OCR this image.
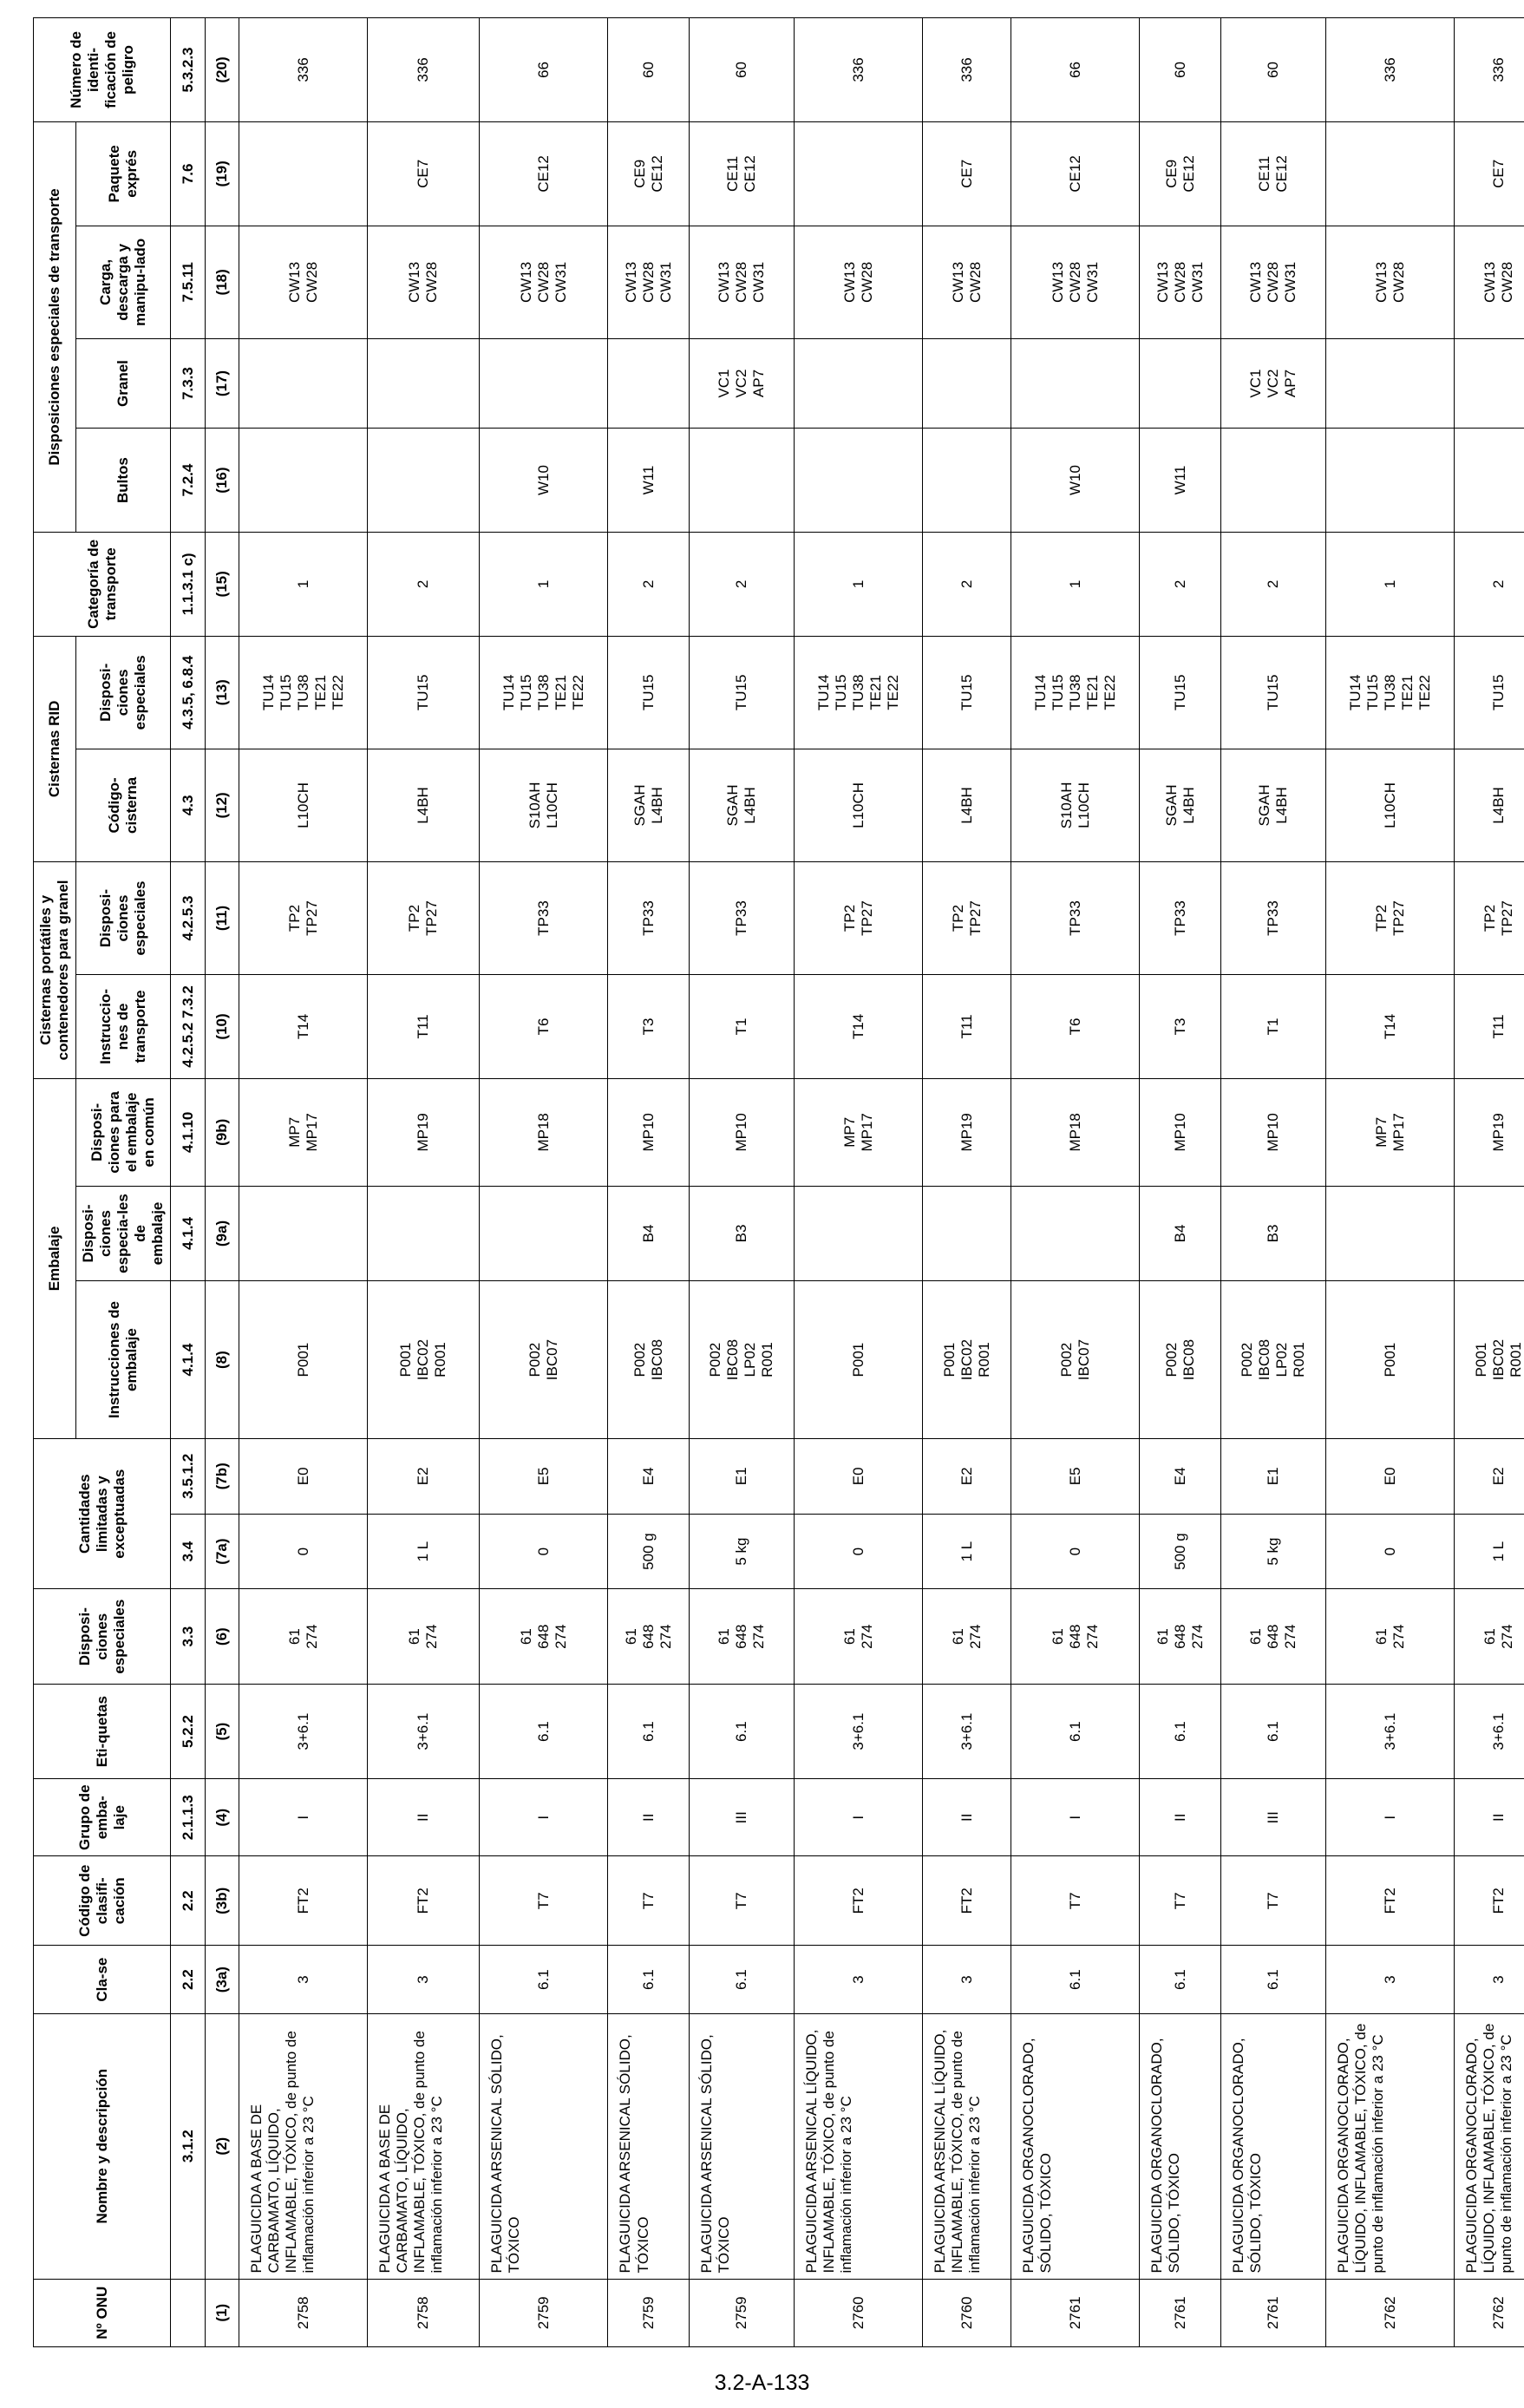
Nº ONU	Nombre y descripción	Cla-se	Código de clasifi-cación	Grupo de emba-laje	Eti-quetas	Disposi-ciones especiales	Cantidades limitadas y exceptuadas		Embalaje			Cisternas portátiles y contenedores para granel		Cisternas RID		Categoría de transporte	Disposiciones especiales de transporte				Número de identi-ficación de peligro
									Instrucciones de embalaje	Disposi-ciones especia-les de embalaje	Disposi-ciones para el embalaje en común	Instruccio-nes de transporte	Disposi-ciones especiales	Código-cisterna	Disposi-ciones especiales		Bultos	Granel	Carga, descarga y manipu-lado	Paquete exprés	

	3.1.2	2.2	2.2	2.1.1.3	5.2.2	3.3	3.4	3.5.1.2	4.1.4	4.1.4	4.1.10	4.2.5.2 7.3.2	4.2.5.3	4.3	4.3.5, 6.8.4	1.1.3.1 c)	7.2.4	7.3.3	7.5.11	7.6	5.3.2.3
(1)	(2)	(3a)	(3b)	(4)	(5)	(6)	(7a)	(7b)	(8)	(9a)	(9b)	(10)	(11)	(12)	(13)	(15)	(16)	(17)	(18)	(19)	(20)
2758	PLAGUICIDA A BASE DE CARBAMATO, LÍQUIDO, INFLAMABLE, TÓXICO, de punto de inflamación inferior a 23 °C	3	FT2	I	3+6.1	61
274	0	E0	P001		MP7
MP17	T14	TP2
TP27	L10CH	TU14
TU15
TU38
TE21
TE22	1			CW13
CW28		336
2758	PLAGUICIDA A BASE DE CARBAMATO, LÍQUIDO, INFLAMABLE, TÓXICO, de punto de inflamación inferior a 23 °C	3	FT2	II	3+6.1	61
274	1 L	E2	P001
IBC02
R001		MP19	T11	TP2
TP27	L4BH	TU15	2			CW13
CW28	CE7	336
2759	PLAGUICIDA ARSENICAL SÓLIDO, TÓXICO	6.1	T7	I	6.1	61
648
274	0	E5	P002
IBC07		MP18	T6	TP33	S10AH
L10CH	TU14
TU15
TU38
TE21
TE22	1	W10		CW13
CW28
CW31	CE12	66
2759	PLAGUICIDA ARSENICAL SÓLIDO, TÓXICO	6.1	T7	II	6.1	61
648
274	500 g	E4	P002
IBC08	B4	MP10	T3	TP33	SGAH
L4BH	TU15	2	W11		CW13
CW28
CW31	CE9
CE12	60
2759	PLAGUICIDA ARSENICAL SÓLIDO, TÓXICO	6.1	T7	III	6.1	61
648
274	5 kg	E1	P002
IBC08
LP02
R001	B3	MP10	T1	TP33	SGAH
L4BH	TU15	2		VC1
VC2
AP7	CW13
CW28
CW31	CE11
CE12	60
2760	PLAGUICIDA ARSENICAL LÍQUIDO, INFLAMABLE, TÓXICO, de punto de inflamación inferior a 23 °C	3	FT2	I	3+6.1	61
274	0	E0	P001		MP7
MP17	T14	TP2
TP27	L10CH	TU14
TU15
TU38
TE21
TE22	1			CW13
CW28		336
2760	PLAGUICIDA ARSENICAL LÍQUIDO, INFLAMABLE, TÓXICO, de punto de inflamación inferior a 23 °C	3	FT2	II	3+6.1	61
274	1 L	E2	P001
IBC02
R001		MP19	T11	TP2
TP27	L4BH	TU15	2			CW13
CW28	CE7	336
2761	PLAGUICIDA ORGANOCLORADO, SÓLIDO, TÓXICO	6.1	T7	I	6.1	61
648
274	0	E5	P002
IBC07		MP18	T6	TP33	S10AH
L10CH	TU14
TU15
TU38
TE21
TE22	1	W10		CW13
CW28
CW31	CE12	66
2761	PLAGUICIDA ORGANOCLORADO, SÓLIDO, TÓXICO	6.1	T7	II	6.1	61
648
274	500 g	E4	P002
IBC08	B4	MP10	T3	TP33	SGAH
L4BH	TU15	2	W11		CW13
CW28
CW31	CE9
CE12	60
2761	PLAGUICIDA ORGANOCLORADO, SÓLIDO, TÓXICO	6.1	T7	III	6.1	61
648
274	5 kg	E1	P002
IBC08
LP02
R001	B3	MP10	T1	TP33	SGAH
L4BH	TU15	2		VC1
VC2
AP7	CW13
CW28
CW31	CE11
CE12	60
2762	PLAGUICIDA ORGANOCLORADO, LÍQUIDO, INFLAMABLE, TÓXICO, de punto de inflamación inferior a 23 °C	3	FT2	I	3+6.1	61
274	0	E0	P001		MP7
MP17	T14	TP2
TP27	L10CH	TU14
TU15
TU38
TE21
TE22	1			CW13
CW28		336
2762	PLAGUICIDA ORGANOCLORADO, LÍQUIDO, INFLAMABLE, TÓXICO, de punto de inflamación inferior a 23 °C	3	FT2	II	3+6.1	61
274	1 L	E2	P001
IBC02
R001		MP19	T11	TP2
TP27	L4BH	TU15	2			CW13
CW28	CE7	336
3.2-A-133
